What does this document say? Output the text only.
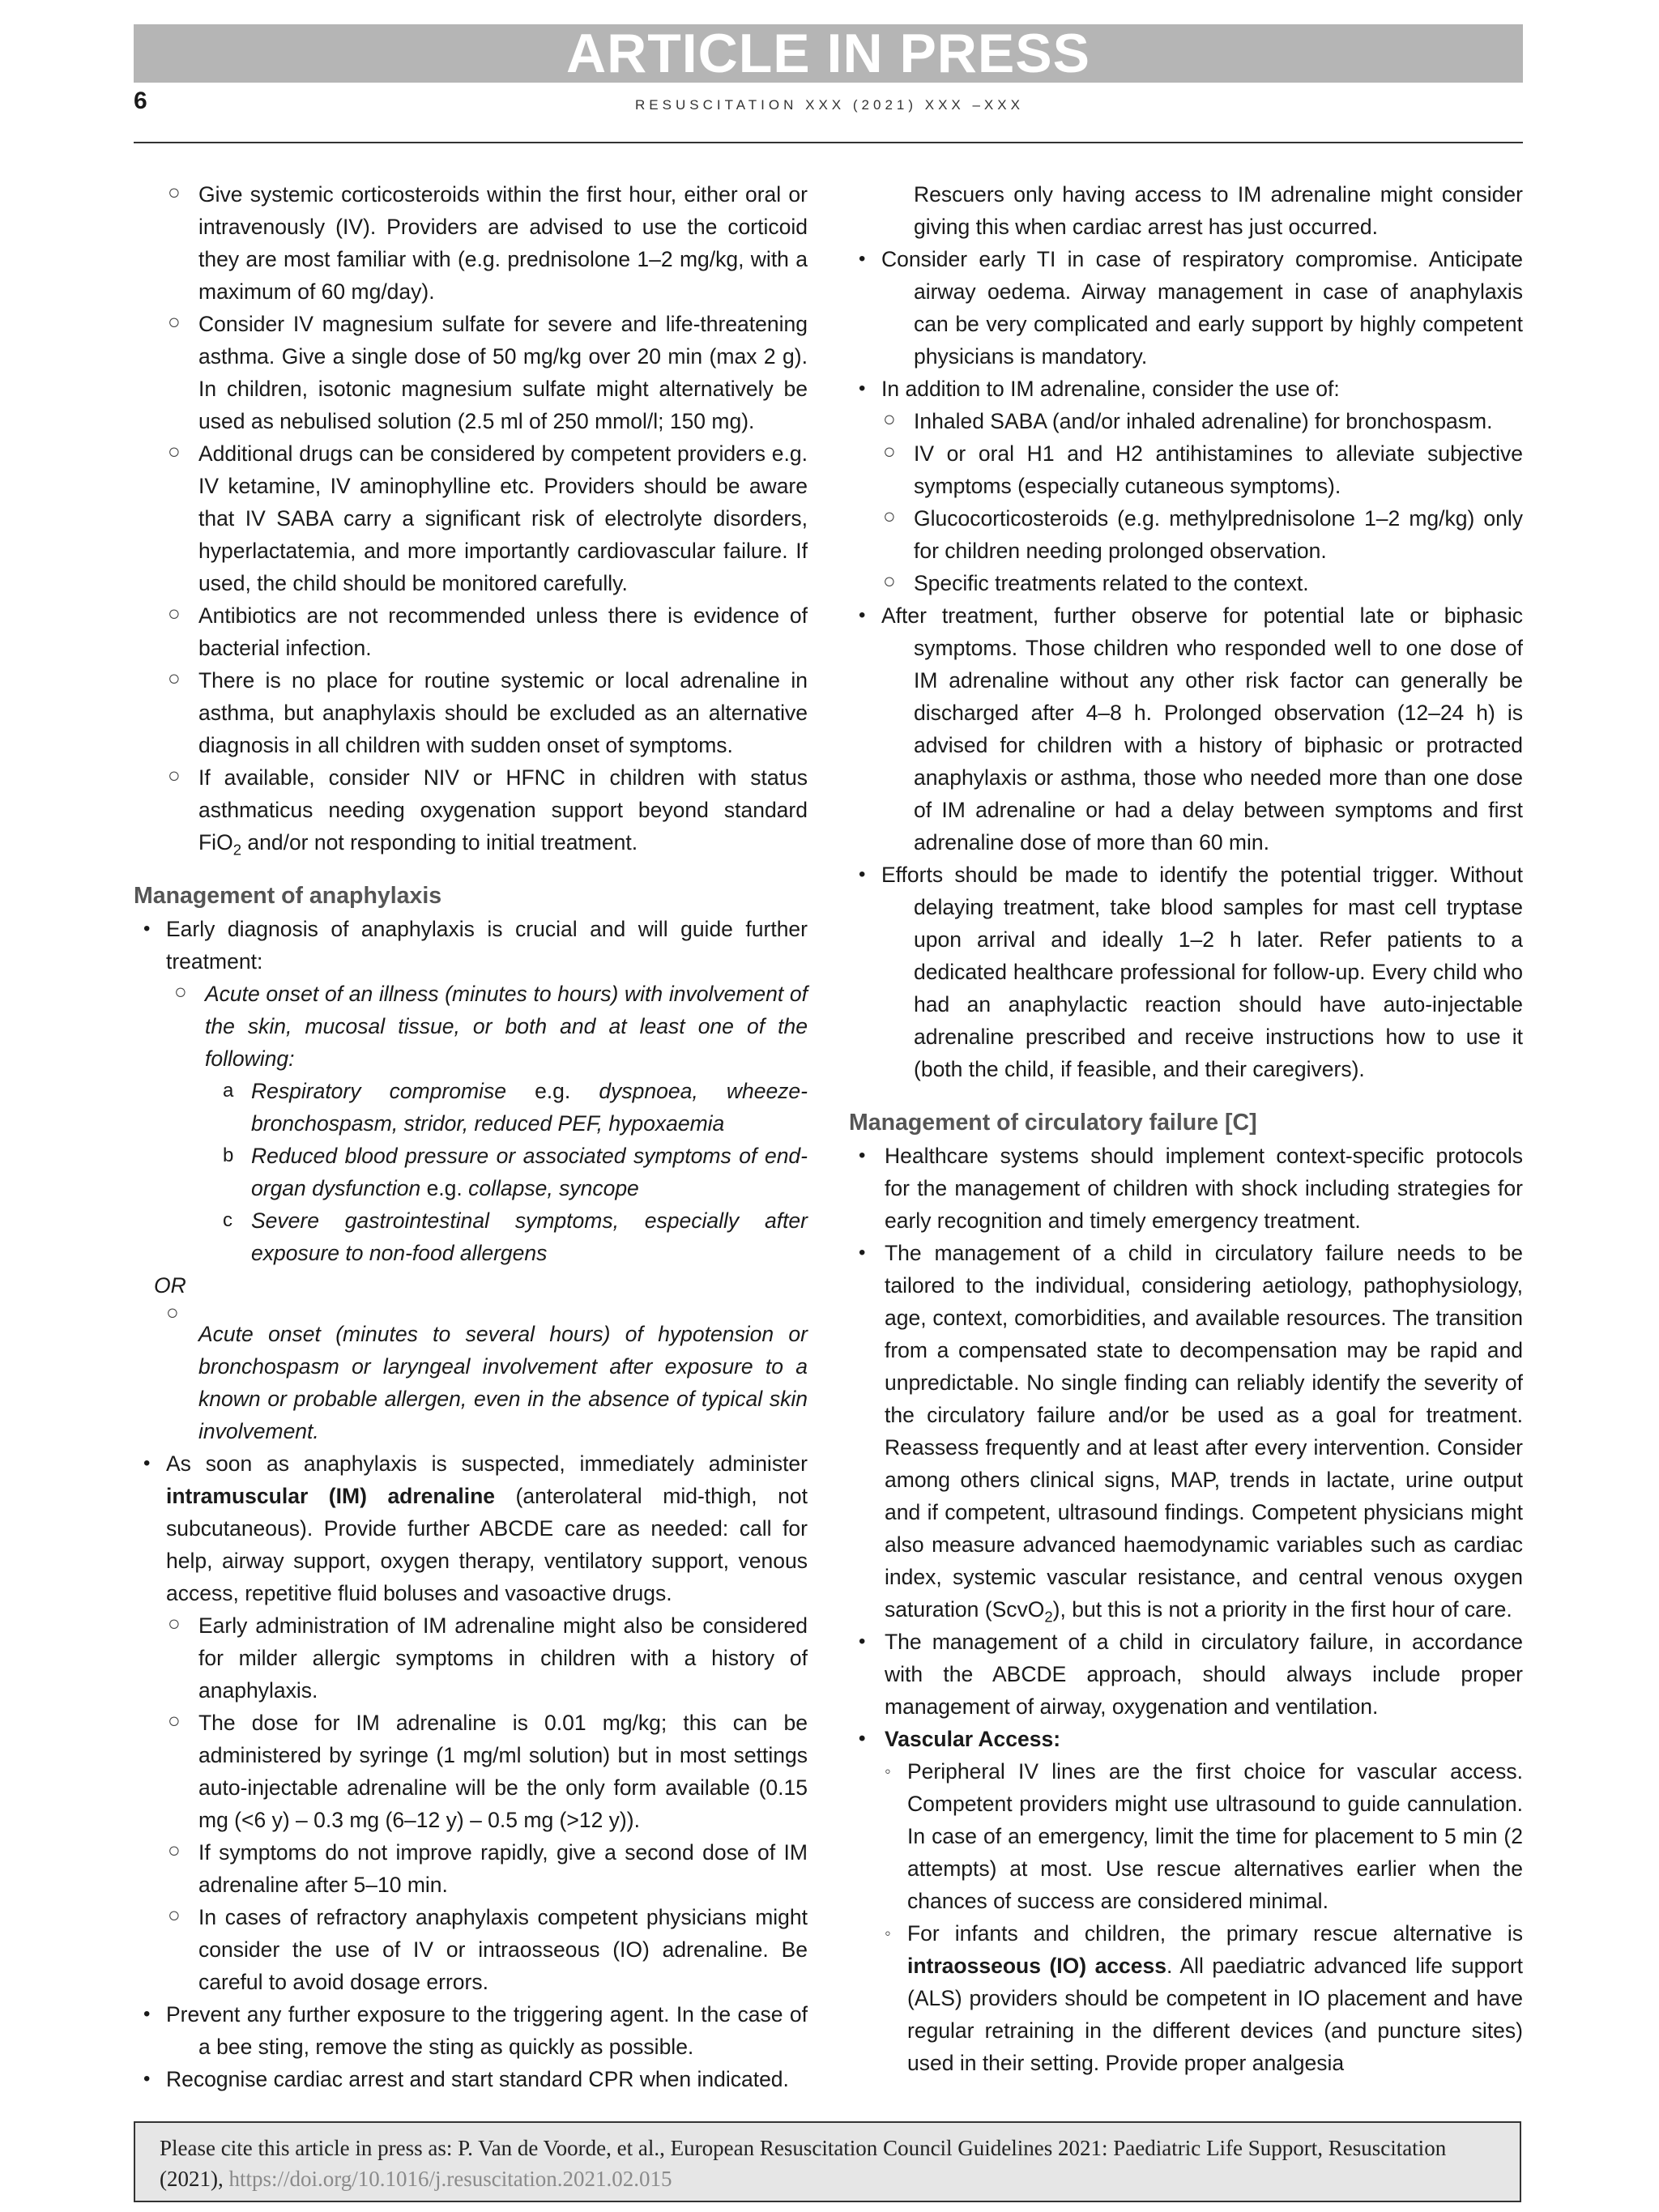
ARTICLE IN PRESS
6	RESUSCITATION XXX (2021) XXX –XXX

○ Give systemic corticosteroids within the first hour, either oral or intravenously (IV). Providers are advised to use the corticoid they are most familiar with (e.g. prednisolone 1–2 mg/kg, with a maximum of 60 mg/day).

○ Consider IV magnesium sulfate for severe and life-threatening asthma. Give a single dose of 50 mg/kg over 20 min (max 2 g). In children, isotonic magnesium sulfate might alternatively be used as nebulised solution (2.5 ml of 250 mmol/l; 150 mg).

○ Additional drugs can be considered by competent providers e.g. IV ketamine, IV aminophylline etc. Providers should be aware that IV SABA carry a significant risk of electrolyte disorders, hyperlactatemia, and more importantly cardiovascular failure. If used, the child should be monitored carefully.

○ Antibiotics are not recommended unless there is evidence of bacterial infection.

○ There is no place for routine systemic or local adrenaline in asthma, but anaphylaxis should be excluded as an alternative diagnosis in all children with sudden onset of symptoms.

○ If available, consider NIV or HFNC in children with status asthmaticus needing oxygenation support beyond standard FiO$_2$ and/or not responding to initial treatment.

Management of anaphylaxis

• Early diagnosis of anaphylaxis is crucial and will guide further treatment:

○ Acute onset of an illness (minutes to hours) with involvement of the skin, mucosal tissue, or both and at least one of the following:

a Respiratory compromise e.g. dyspnoea, wheeze-bronchospasm, stridor, reduced PEF, hypoxaemia

b Reduced blood pressure or associated symptoms of end-organ dysfunction e.g. collapse, syncope

c Severe gastrointestinal symptoms, especially after exposure to non-food allergens

OR

○

Acute onset (minutes to several hours) of hypotension or bronchospasm or laryngeal involvement after exposure to a known or probable allergen, even in the absence of typical skin involvement.

• As soon as anaphylaxis is suspected, immediately administer intramuscular (IM) adrenaline (anterolateral mid-thigh, not subcutaneous). Provide further ABCDE care as needed: call for help, airway support, oxygen therapy, ventilatory support, venous access, repetitive fluid boluses and vasoactive drugs.

○ Early administration of IM adrenaline might also be considered for milder allergic symptoms in children with a history of anaphylaxis.

○ The dose for IM adrenaline is 0.01 mg/kg; this can be administered by syringe (1 mg/ml solution) but in most settings auto-injectable adrenaline will be the only form available (0.15 mg (<6 y) – 0.3 mg (6–12 y) – 0.5 mg (>12 y)).

○ If symptoms do not improve rapidly, give a second dose of IM adrenaline after 5–10 min.

○ In cases of refractory anaphylaxis competent physicians might consider the use of IV or intraosseous (IO) adrenaline. Be careful to avoid dosage errors.

• Prevent any further exposure to the triggering agent. In the case of a bee sting, remove the sting as quickly as possible.

• Recognise cardiac arrest and start standard CPR when indicated.

Rescuers only having access to IM adrenaline might consider giving this when cardiac arrest has just occurred.

• Consider early TI in case of respiratory compromise. Anticipate airway oedema. Airway management in case of anaphylaxis can be very complicated and early support by highly competent physicians is mandatory.

• In addition to IM adrenaline, consider the use of:

○ Inhaled SABA (and/or inhaled adrenaline) for bronchospasm.

○ IV or oral H1 and H2 antihistamines to alleviate subjective symptoms (especially cutaneous symptoms).

○ Glucocorticosteroids (e.g. methylprednisolone 1–2 mg/kg) only for children needing prolonged observation.

○ Specific treatments related to the context.

• After treatment, further observe for potential late or biphasic symptoms. Those children who responded well to one dose of IM adrenaline without any other risk factor can generally be discharged after 4–8 h. Prolonged observation (12–24 h) is advised for children with a history of biphasic or protracted anaphylaxis or asthma, those who needed more than one dose of IM adrenaline or had a delay between symptoms and first adrenaline dose of more than 60 min.

• Efforts should be made to identify the potential trigger. Without delaying treatment, take blood samples for mast cell tryptase upon arrival and ideally 1–2 h later. Refer patients to a dedicated healthcare professional for follow-up. Every child who had an anaphylactic reaction should have auto-injectable adrenaline prescribed and receive instructions how to use it (both the child, if feasible, and their caregivers).

Management of circulatory failure [C]

• Healthcare systems should implement context-specific protocols for the management of children with shock including strategies for early recognition and timely emergency treatment.

• The management of a child in circulatory failure needs to be tailored to the individual, considering aetiology, pathophysiology, age, context, comorbidities, and available resources. The transition from a compensated state to decompensation may be rapid and unpredictable. No single finding can reliably identify the severity of the circulatory failure and/or be used as a goal for treatment. Reassess frequently and at least after every intervention. Consider among others clinical signs, MAP, trends in lactate, urine output and if competent, ultrasound findings. Competent physicians might also measure advanced haemodynamic variables such as cardiac index, systemic vascular resistance, and central venous oxygen saturation (ScvO$_2$), but this is not a priority in the first hour of care.

• The management of a child in circulatory failure, in accordance with the ABCDE approach, should always include proper management of airway, oxygenation and ventilation.

• Vascular Access:

◦ Peripheral IV lines are the first choice for vascular access. Competent providers might use ultrasound to guide cannulation. In case of an emergency, limit the time for placement to 5 min (2 attempts) at most. Use rescue alternatives earlier when the chances of success are considered minimal.

◦ For infants and children, the primary rescue alternative is intraosseous (IO) access. All paediatric advanced life support (ALS) providers should be competent in IO placement and have regular retraining in the different devices (and puncture sites) used in their setting. Provide proper analgesia

Please cite this article in press as: P. Van de Voorde, et al., European Resuscitation Council Guidelines 2021: Paediatric Life Support, Resuscitation (2021), https://doi.org/10.1016/j.resuscitation.2021.02.015
